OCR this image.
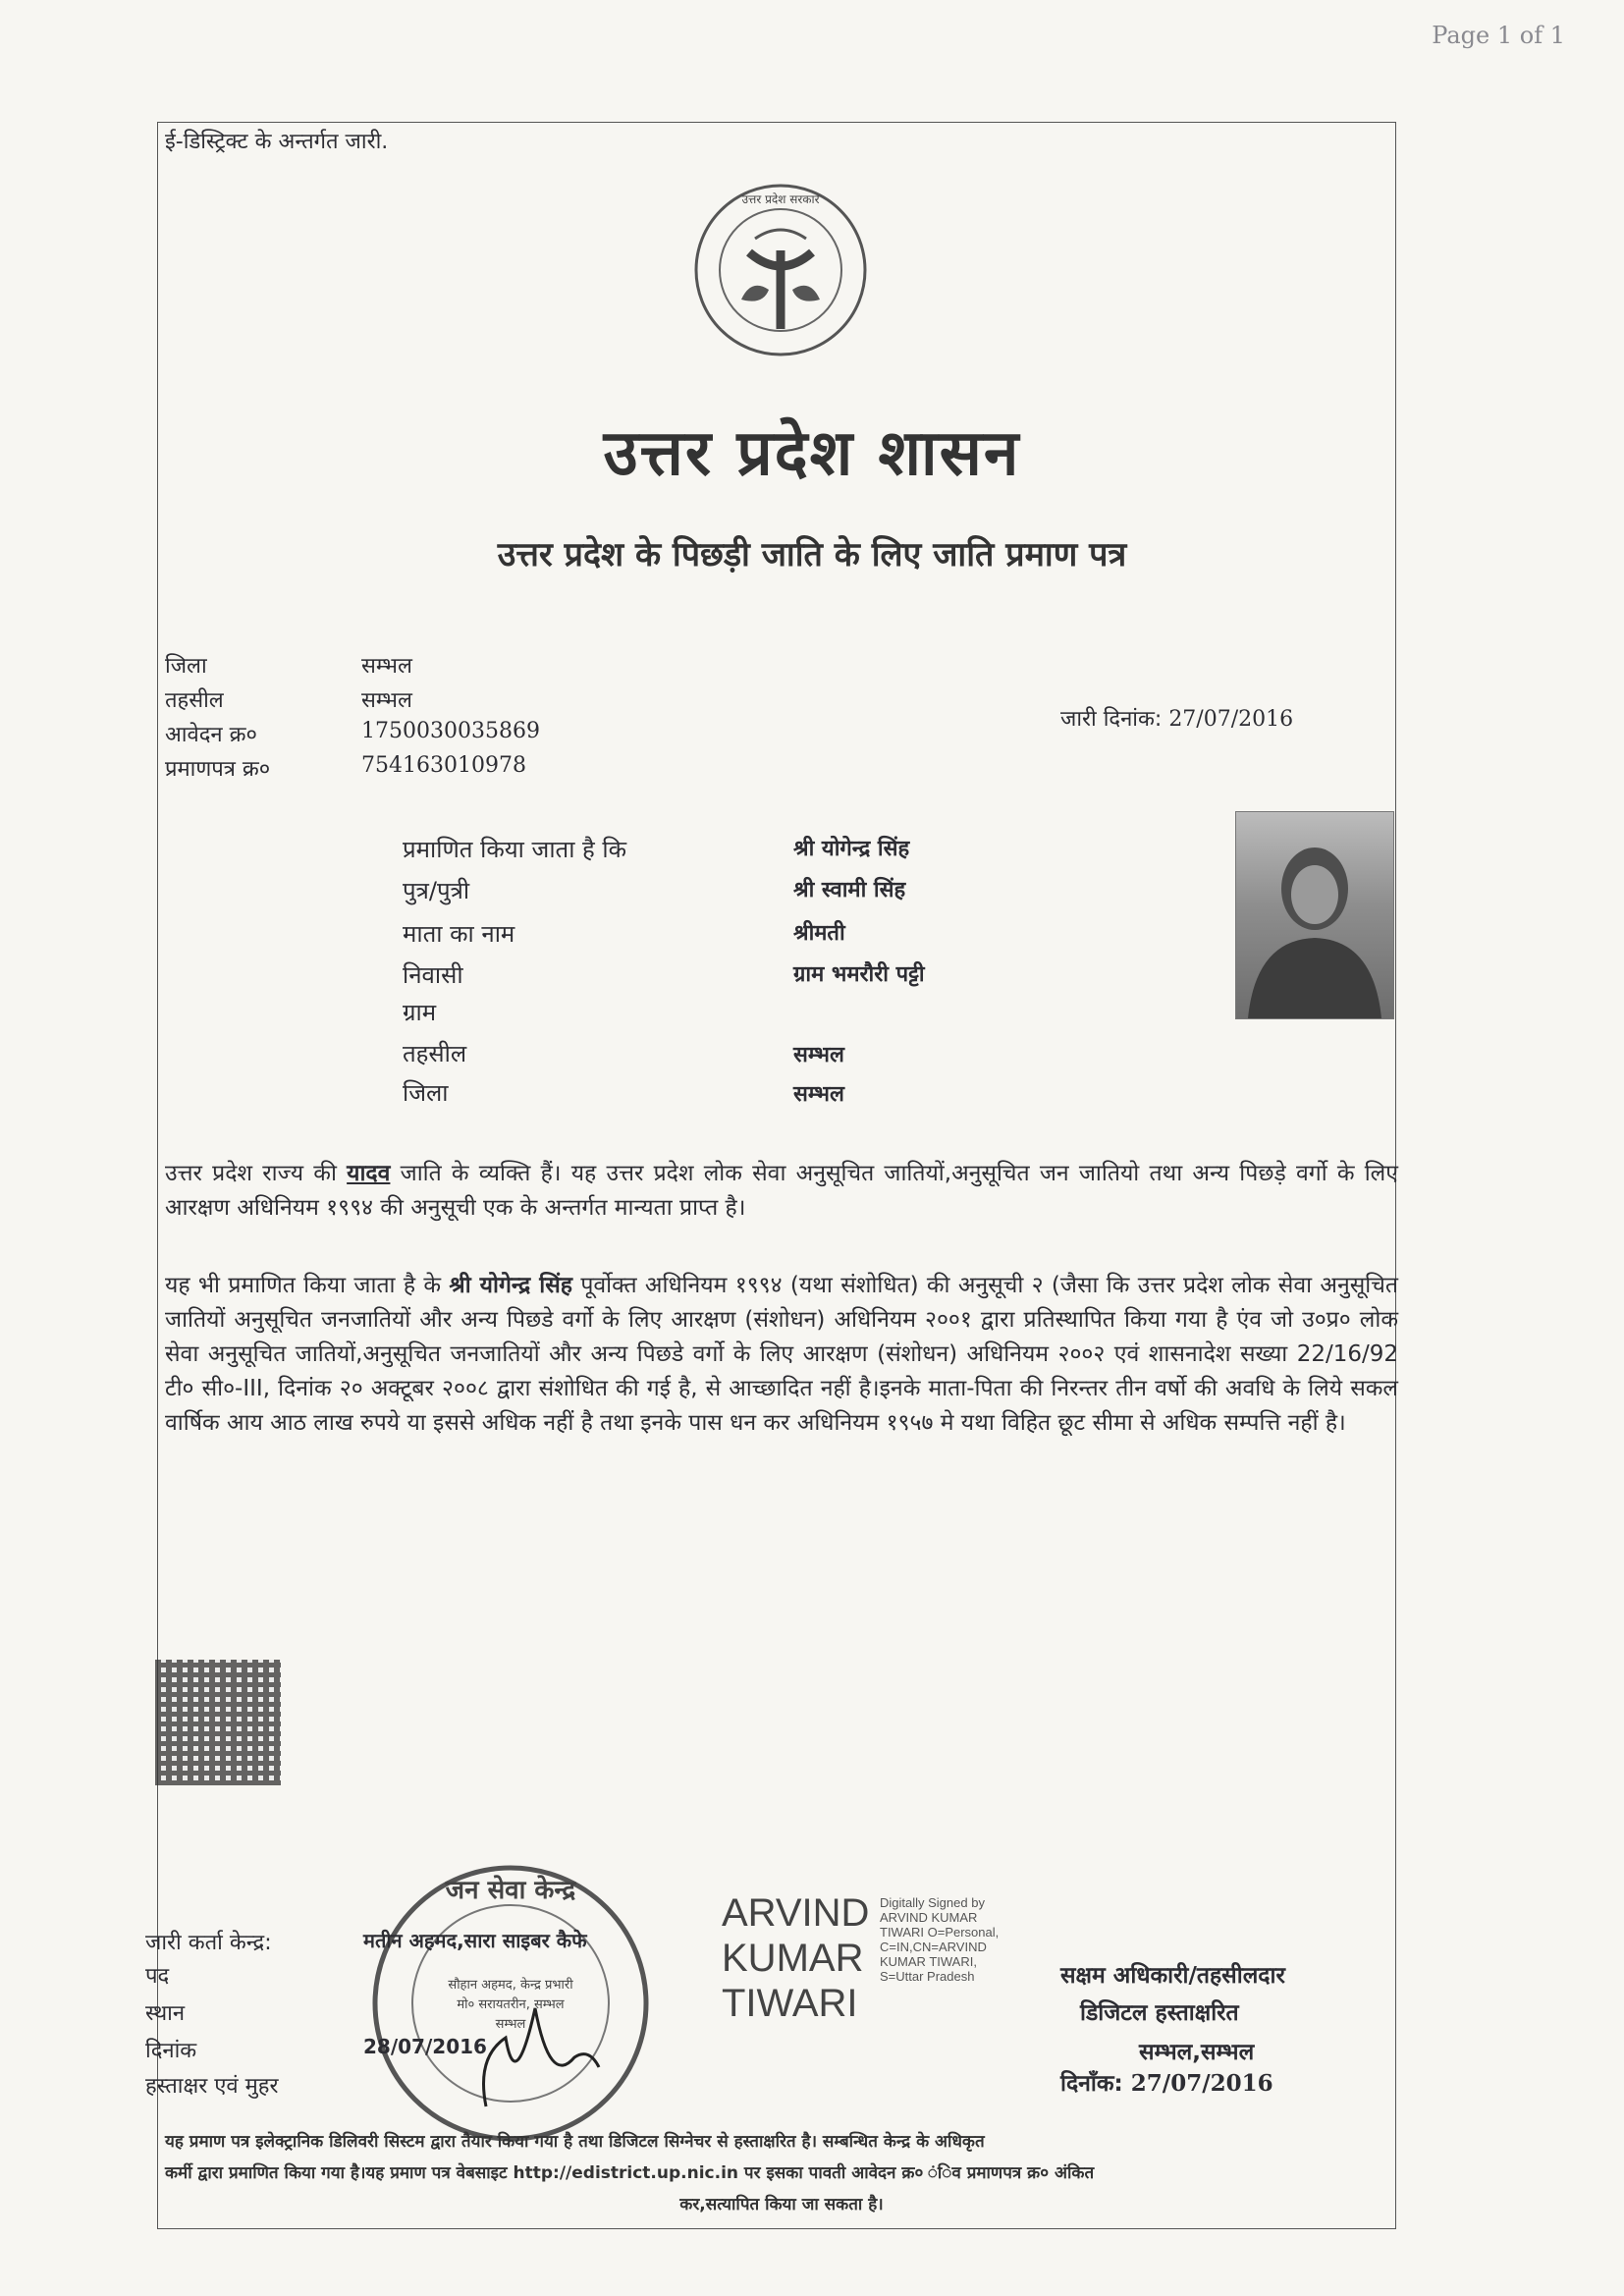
Page 1 of 1
ई-डिस्ट्रिक्ट के अन्तर्गत जारी.
उत्तर प्रदेश सरकार
उत्तर प्रदेश शासन
उत्तर प्रदेश के पिछड़ी जाति के लिए जाति प्रमाण पत्र
जिला	सम्भल
तहसील	सम्भल
आवेदन क्र०	1750030035869
प्रमाणपत्र क्र०	754163010978
जारी दिनांक: 27/07/2016
प्रमाणित किया जाता है कि	श्री योगेन्द्र सिंह
पुत्र/पुत्री	श्री स्वामी सिंह
माता का नाम	श्रीमती
निवासी	ग्राम भमरौरी पट्टी
ग्राम
तहसील	सम्भल
जिला	सम्भल
उत्तर प्रदेश राज्य की यादव जाति के व्यक्ति हैं। यह उत्तर प्रदेश लोक सेवा अनुसूचित जातियों,अनुसूचित जन जातियो तथा अन्य पिछड़े वर्गो के लिए आरक्षण अधिनियम १९९४ की अनुसूची एक के अन्तर्गत मान्यता प्राप्त है।
यह भी प्रमाणित किया जाता है के श्री योगेन्द्र सिंह पूर्वोक्त अधिनियम १९९४ (यथा संशोधित) की अनुसूची २ (जैसा कि उत्तर प्रदेश लोक सेवा अनुसूचित जातियों अनुसूचित जनजातियों और अन्य पिछडे वर्गो के लिए आरक्षण (संशोधन) अधिनियम २००१ द्वारा प्रतिस्थापित किया गया है एंव जो उ०प्र० लोक सेवा अनुसूचित जातियों,अनुसूचित जनजातियों और अन्य पिछडे वर्गो के लिए आरक्षण (संशोधन) अधिनियम २००२ एवं शासनादेश सख्या 22/16/92 टी० सी०-III, दिनांक २० अक्टूबर २००८ द्वारा संशोधित की गई है, से आच्छादित नहीं है।इनके माता-पिता की निरन्तर तीन वर्षो की अवधि के लिये सकल वार्षिक आय आठ लाख रुपये या इससे अधिक नहीं है तथा इनके पास धन कर अधिनियम १९५७ मे यथा विहित छूट सीमा से अधिक सम्पत्ति नहीं है।
जन सेवा केन्द्र
सौहान अहमद, केन्द्र प्रभारी
मो० सरायतरीन, सम्भल
सम्भल
जारी कर्ता केन्द्र:	मतीन अहमद,सारा साइबर कैफे
पद
स्थान
दिनांक	28/07/2016
हस्ताक्षर एवं मुहर
ARVIND
KUMAR
TIWARI
Digitally Signed by
ARVIND KUMAR
TIWARI O=Personal,
C=IN,CN=ARVIND
KUMAR TIWARI,
S=Uttar Pradesh	सक्षम अधिकारी/तहसीलदार
डिजिटल हस्ताक्षरित
सम्भल,सम्भल
दिनाँक: 27/07/2016
यह प्रमाण पत्र इलेक्ट्रानिक डिलिवरी सिस्टम द्वारा तैयार किया गया है तथा डिजिटल सिग्नेचर से हस्ताक्षरित है। सम्बन्धित केन्द्र के अधिकृत
कर्मी द्वारा प्रमाणित किया गया है।यह प्रमाण पत्र वेबसाइट http://edistrict.up.nic.in पर इसका पावती आवेदन क्र० ंिव प्रमाणपत्र क्र० अंकित
कर,सत्यापित किया जा सकता है।
